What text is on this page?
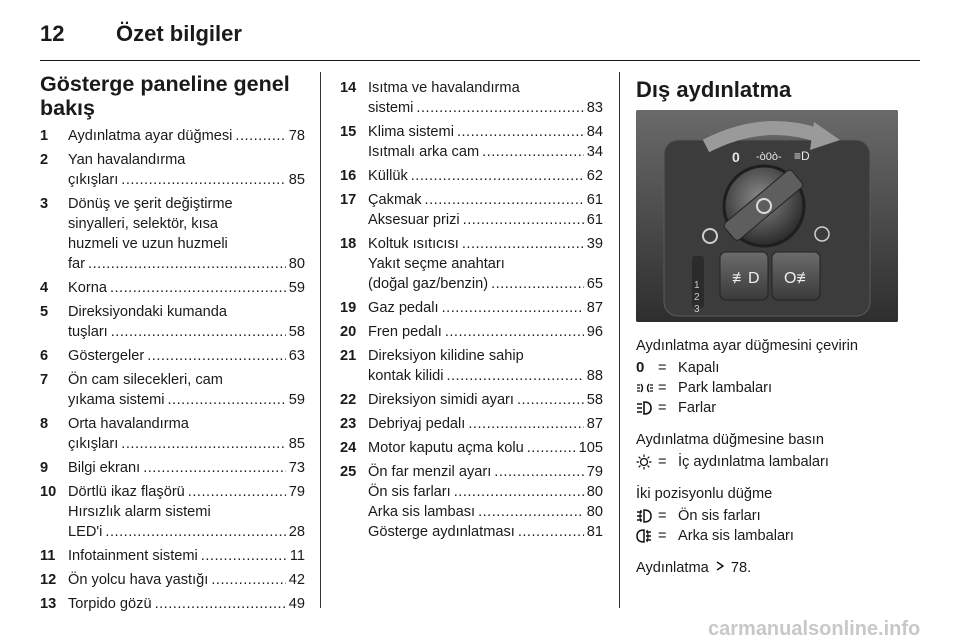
12	Özet bilgiler
Gösterge paneline genel bakış
1	Aydınlatma ayar düğmesi .....	78
2	Yan havalandırma
çıkışları .....	85
3	Dönüş ve şerit değiştirme
sinyalleri, selektör, kısa
huzmeli ve uzun huzmeli
far .....	80
4	Korna .....	59
5	Direksiyondaki kumanda
tuşları .....	58
6	Göstergeler .....	63
7	Ön cam silecekleri, cam
yıkama sistemi .....	59
8	Orta havalandırma
çıkışları .....	85
9	Bilgi ekranı .....	73
10 Dörtlü ikaz flaşörü .....	79
Hırsızlık alarm sistemi
LED'i .....	28
11 Infotainment sistemi .....	11
12 Ön yolcu hava yastığı .....	42
13 Torpido gözü .....	49
14 Isıtma ve havalandırma
sistemi .....	83
15 Klima sistemi .....	84
Isıtmalı arka cam .....	34
16 Küllük .....	62
17 Çakmak .....	61
Aksesuar prizi .....	61
18 Koltuk ısıtıcısı .....	39
Yakıt seçme anahtarı
(doğal gaz/benzin) .....	65
19 Gaz pedalı .....	87
20 Fren pedalı .....	96
21 Direksiyon kilidine sahip
kontak kilidi .....	88
22 Direksiyon simidi ayarı .....	58
23 Debriyaj pedalı .....	87
24 Motor kaputu açma kolu .....	105
25 Ön far menzil ayarı .....	79
Ön sis farları .....	80
Arka sis lambası .....	80
Gösterge aydınlatması .....	81
Dış aydınlatma
0 -ò0ò- ≡D
1
2
3
≢D O≢
Aydınlatma ayar düğmesini çevirin
0 = Kapalı
= Park lambaları
= Farlar
Aydınlatma düğmesine basın
= İç aydınlatma lambaları
İki pozisyonlu düğme
= Ön sis farları
= Arka sis lambaları
Aydınlatma 78.
carmanualsonline.info
